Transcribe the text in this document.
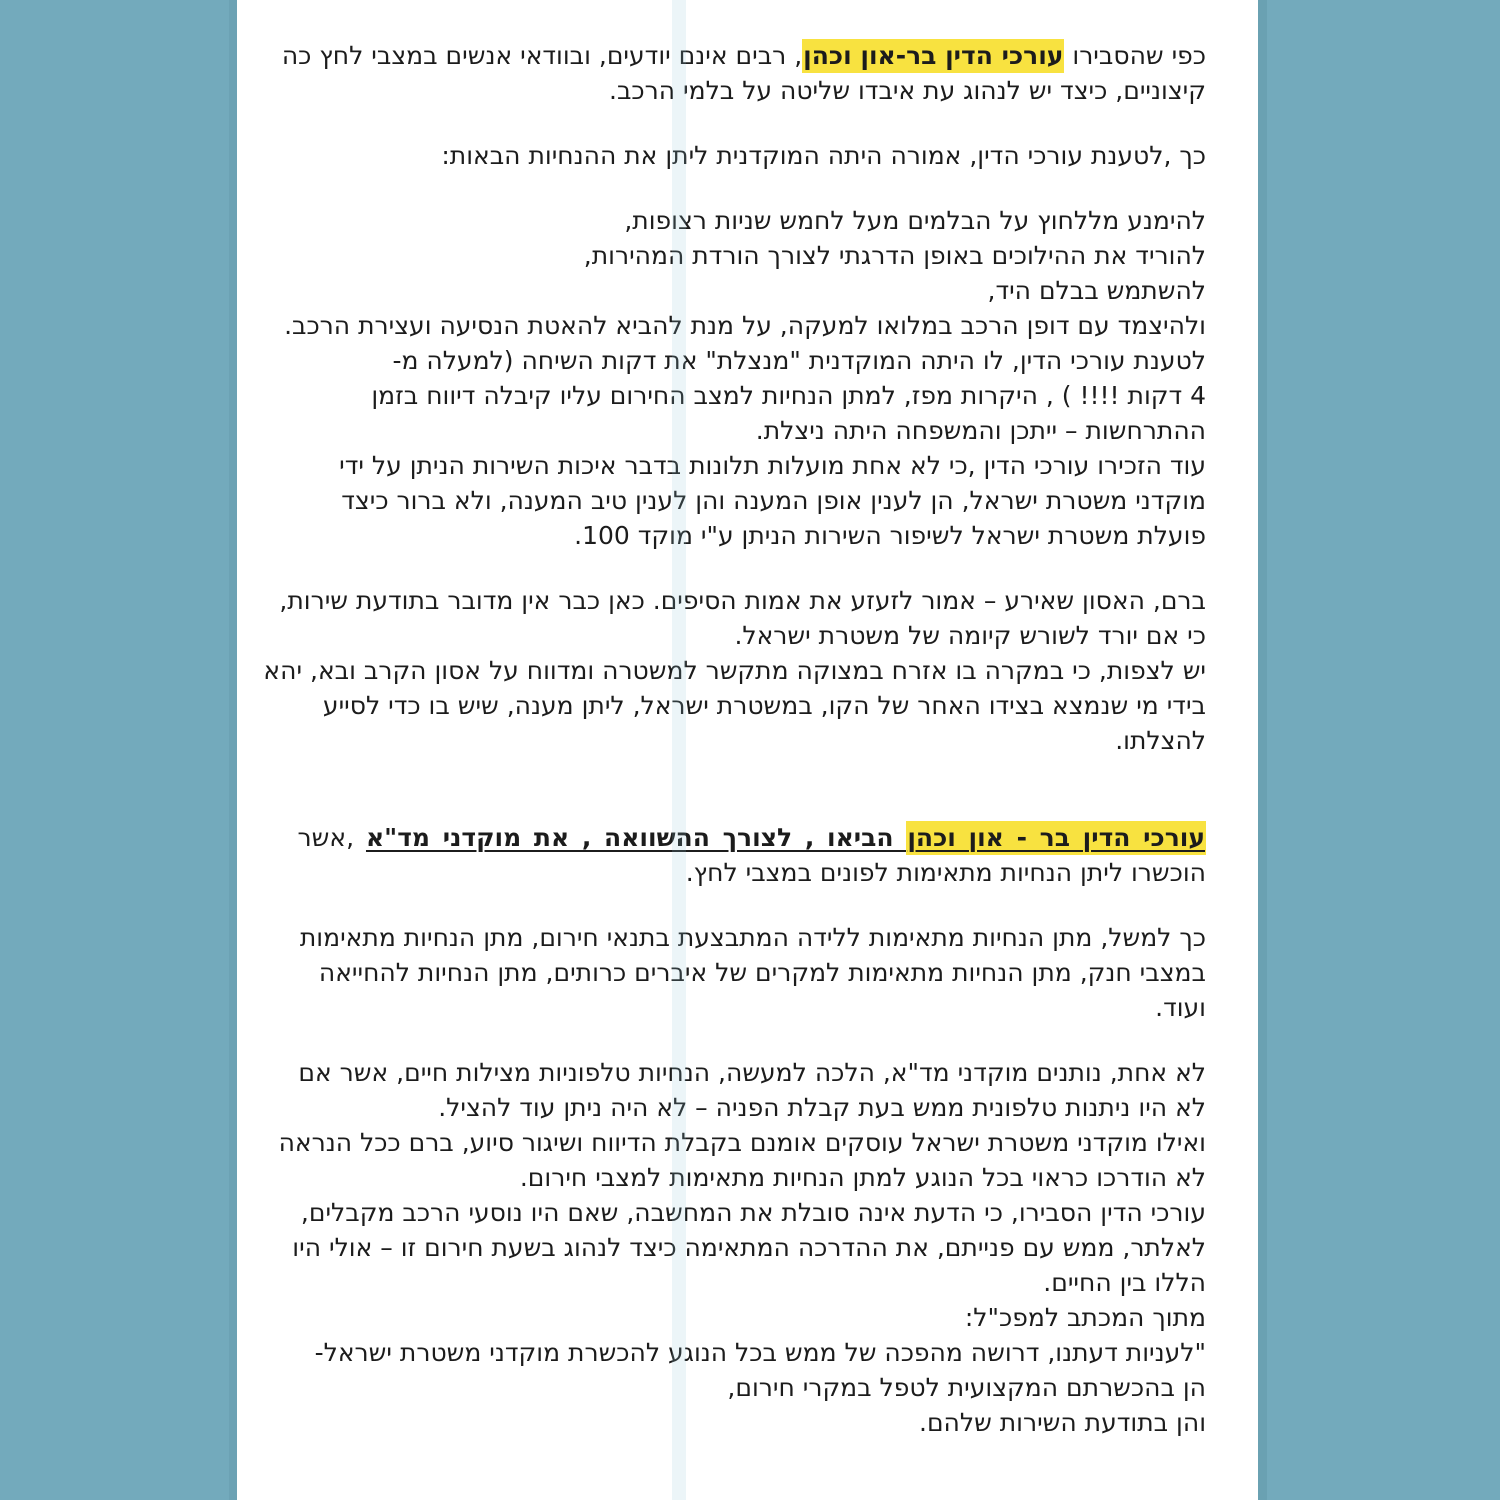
כפי שהסבירו עורכי הדין בר-און וכהן, רבים אינם יודעים, ובוודאי אנשים במצבי לחץ כה
קיצוניים, כיצד יש לנהוג עת איבדו שליטה על בלמי הרכב.
כך ,לטענת עורכי הדין, אמורה היתה המוקדנית ליתן את ההנחיות הבאות:
להימנע מללחוץ על הבלמים מעל לחמש שניות רצופות,
להוריד את ההילוכים באופן הדרגתי לצורך הורדת המהירות,
להשתמש בבלם היד,
ולהיצמד עם דופן הרכב במלואו למעקה, על מנת להביא להאטת הנסיעה ועצירת הרכב.
לטענת עורכי הדין, לו היתה המוקדנית "מנצלת" את דקות השיחה (למעלה מ-
4 דקות !!!! ) , היקרות מפז, למתן הנחיות למצב החירום עליו קיבלה דיווח בזמן
ההתרחשות – ייתכן והמשפחה היתה ניצלת.
עוד הזכירו עורכי הדין ,כי לא אחת מועלות תלונות בדבר איכות השירות הניתן על ידי
מוקדני משטרת ישראל, הן לענין אופן המענה והן לענין טיב המענה, ולא ברור כיצד
פועלת משטרת ישראל לשיפור השירות הניתן ע"י מוקד 100.
ברם, האסון שאירע – אמור לזעזע את אמות הסיפים. כאן כבר אין מדובר בתודעת שירות,
כי אם יורד לשורש קיומה של משטרת ישראל.
יש לצפות, כי במקרה בו אזרח במצוקה מתקשר למשטרה ומדווח על אסון הקרב ובא, יהא
בידי מי שנמצא בצידו האחר של הקו, במשטרת ישראל, ליתן מענה, שיש בו כדי לסייע
להצלתו.
עורכי הדין בר - און וכהן הביאו , לצורך ההשוואה , את מוקדני מד"א ,אשר
הוכשרו ליתן הנחיות מתאימות לפונים במצבי לחץ.
כך למשל, מתן הנחיות מתאימות ללידה המתבצעת בתנאי חירום, מתן הנחיות מתאימות
במצבי חנק, מתן הנחיות מתאימות למקרים של איברים כרותים, מתן הנחיות להחייאה
ועוד.
לא אחת, נותנים מוקדני מד"א, הלכה למעשה, הנחיות טלפוניות מצילות חיים, אשר אם
לא היו ניתנות טלפונית ממש בעת קבלת הפניה – לא היה ניתן עוד להציל.
ואילו מוקדני משטרת ישראל עוסקים אומנם בקבלת הדיווח ושיגור סיוע, ברם ככל הנראה
לא הודרכו כראוי בכל הנוגע למתן הנחיות מתאימות למצבי חירום.
עורכי הדין הסבירו, כי הדעת אינה סובלת את המחשבה, שאם היו נוסעי הרכב מקבלים,
לאלתר, ממש עם פנייתם, את ההדרכה המתאימה כיצד לנהוג בשעת חירום זו – אולי היו
הללו בין החיים.
מתוך המכתב למפכ"ל:
"לעניות דעתנו, דרושה מהפכה של ממש בכל הנוגע להכשרת מוקדני משטרת ישראל-
הן בהכשרתם המקצועית לטפל במקרי חירום,
והן בתודעת השירות שלהם.
